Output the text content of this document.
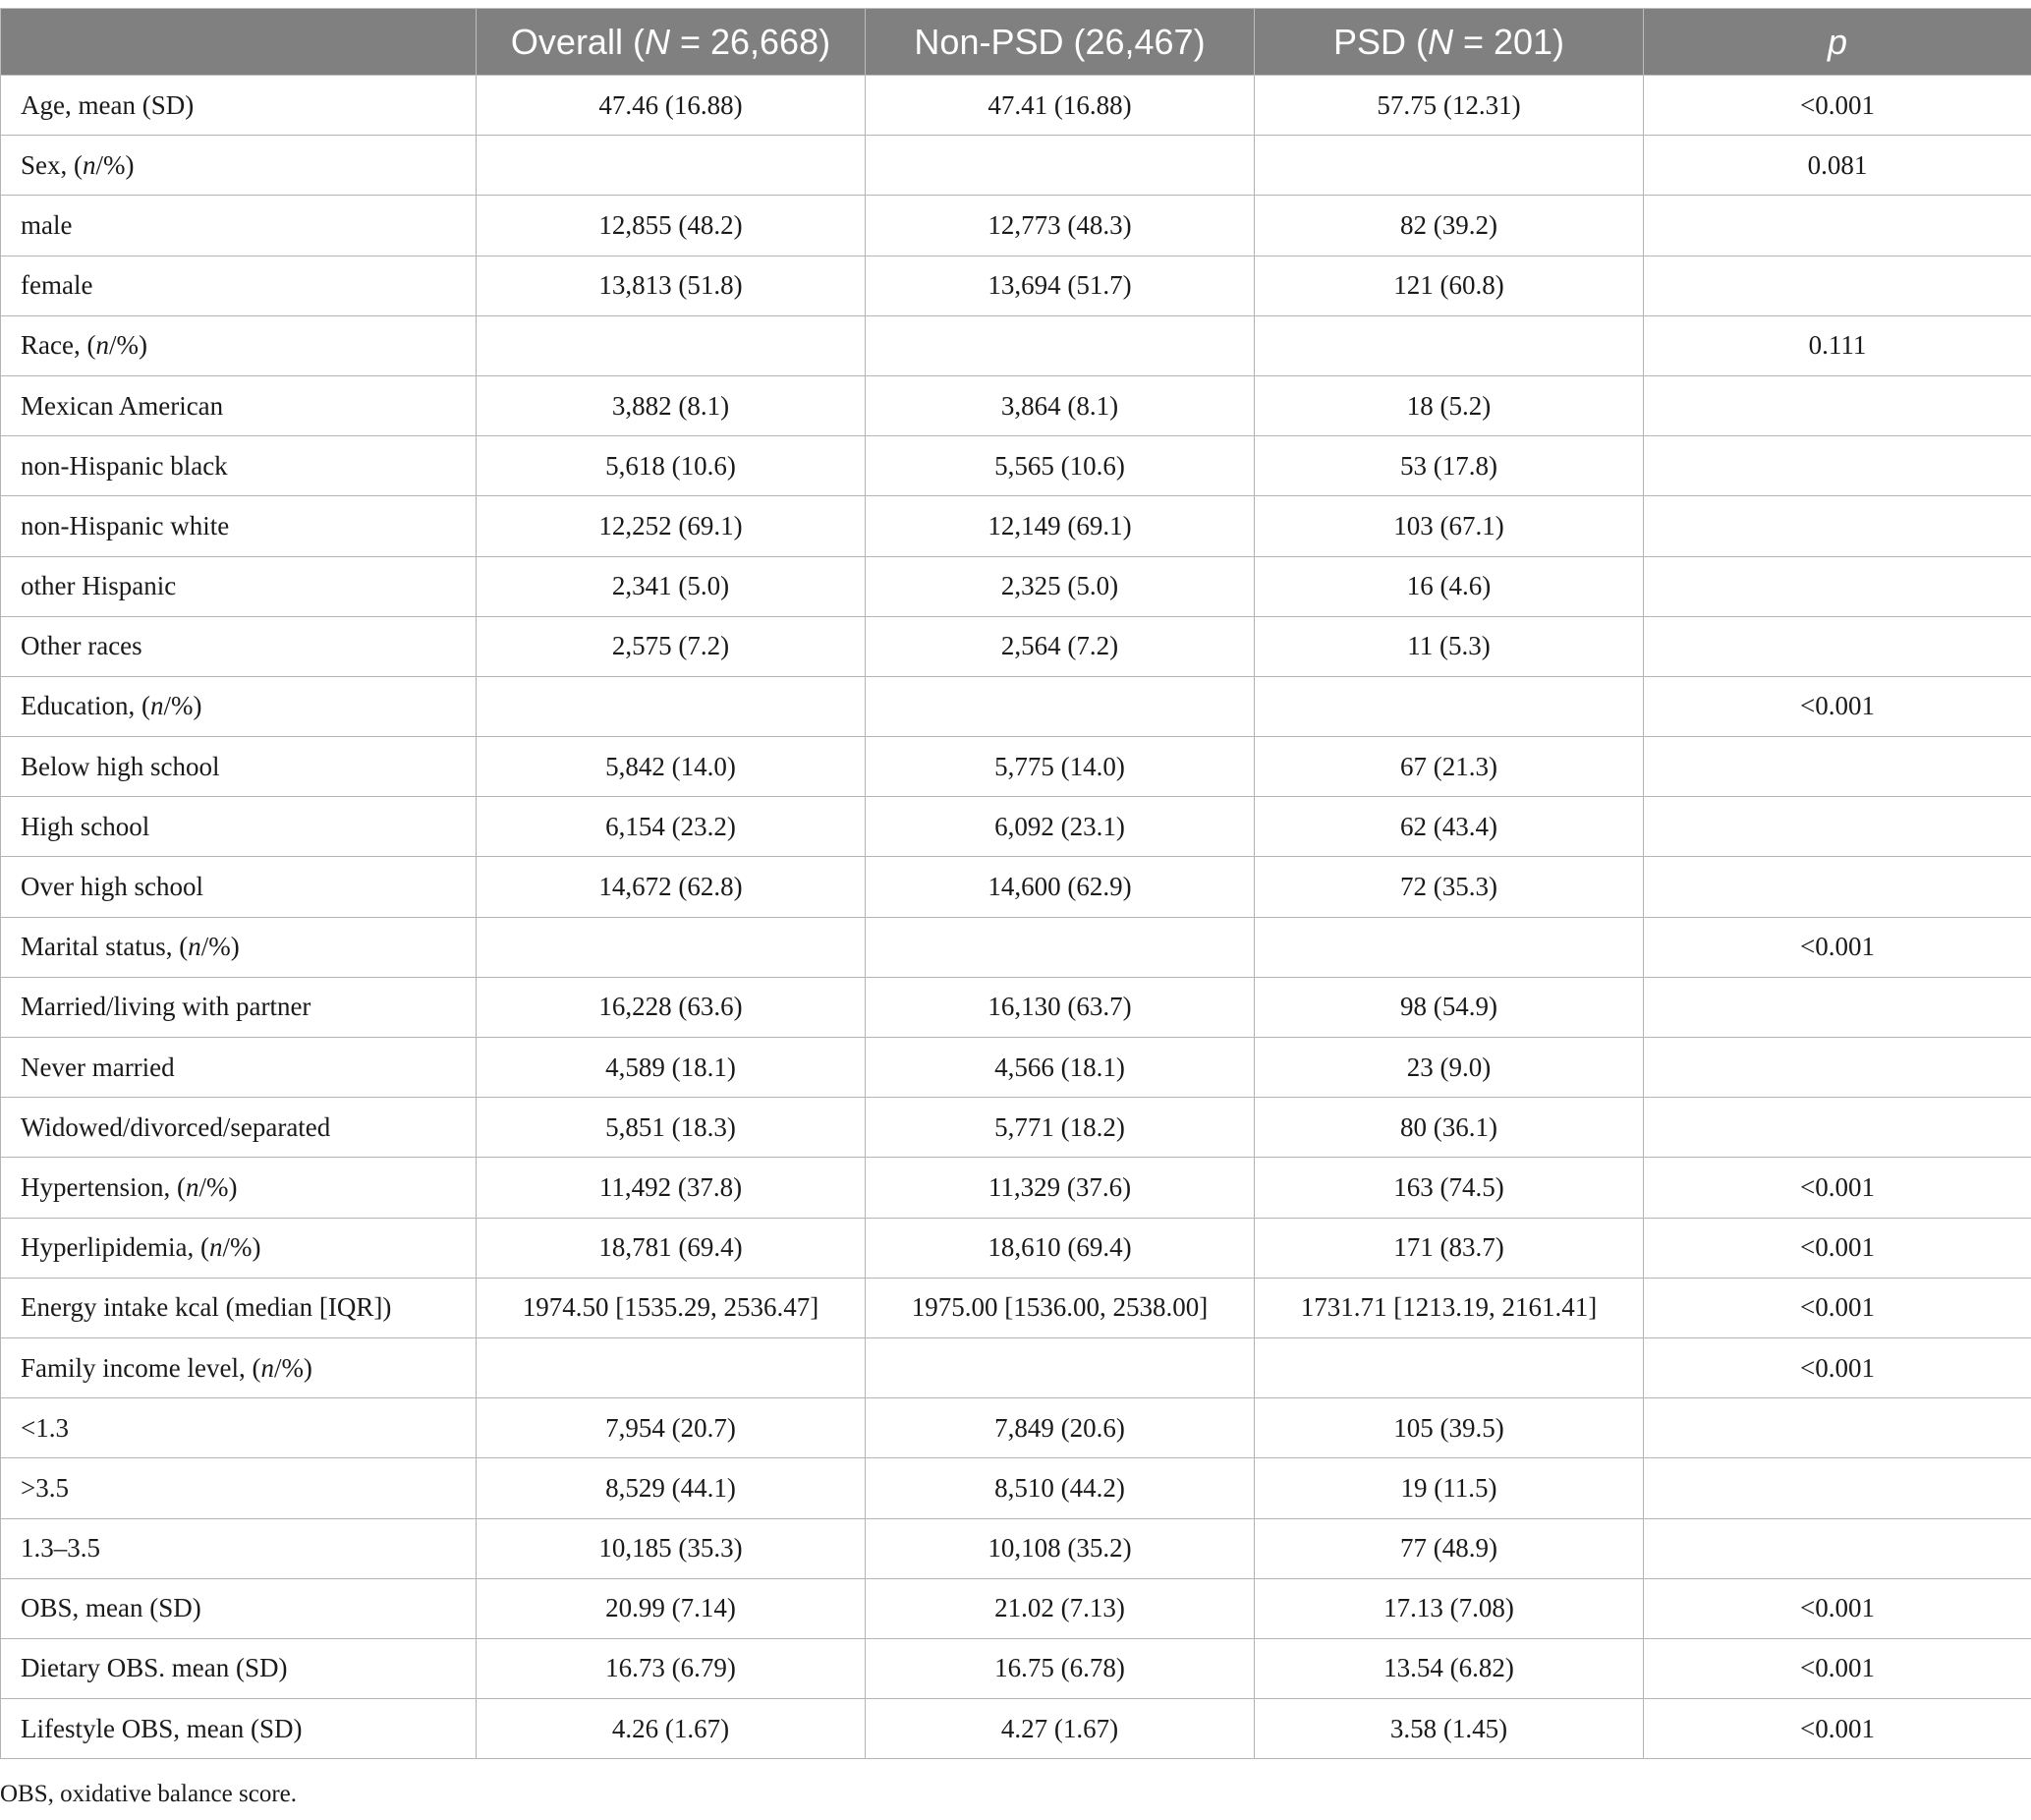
	Overall (N = 26,668)	Non-PSD (26,467)	PSD (N = 201)	p
Age, mean (SD)	47.46 (16.88)	47.41 (16.88)	57.75 (12.31)	<0.001
Sex, (n/%)				0.081
male	12,855 (48.2)	12,773 (48.3)	82 (39.2)	
female	13,813 (51.8)	13,694 (51.7)	121 (60.8)	
Race, (n/%)				0.111
Mexican American	3,882 (8.1)	3,864 (8.1)	18 (5.2)	
non-Hispanic black	5,618 (10.6)	5,565 (10.6)	53 (17.8)	
non-Hispanic white	12,252 (69.1)	12,149 (69.1)	103 (67.1)	
other Hispanic	2,341 (5.0)	2,325 (5.0)	16 (4.6)	
Other races	2,575 (7.2)	2,564 (7.2)	11 (5.3)	
Education, (n/%)				<0.001
Below high school	5,842 (14.0)	5,775 (14.0)	67 (21.3)	
High school	6,154 (23.2)	6,092 (23.1)	62 (43.4)	
Over high school	14,672 (62.8)	14,600 (62.9)	72 (35.3)	
Marital status, (n/%)				<0.001
Married/living with partner	16,228 (63.6)	16,130 (63.7)	98 (54.9)	
Never married	4,589 (18.1)	4,566 (18.1)	23 (9.0)	
Widowed/divorced/separated	5,851 (18.3)	5,771 (18.2)	80 (36.1)	
Hypertension, (n/%)	11,492 (37.8)	11,329 (37.6)	163 (74.5)	<0.001
Hyperlipidemia, (n/%)	18,781 (69.4)	18,610 (69.4)	171 (83.7)	<0.001
Energy intake kcal (median [IQR])	1974.50 [1535.29, 2536.47]	1975.00 [1536.00, 2538.00]	1731.71 [1213.19, 2161.41]	<0.001
Family income level, (n/%)				<0.001
<1.3	7,954 (20.7)	7,849 (20.6)	105 (39.5)	
>3.5	8,529 (44.1)	8,510 (44.2)	19 (11.5)	
1.3–3.5	10,185 (35.3)	10,108 (35.2)	77 (48.9)	
OBS, mean (SD)	20.99 (7.14)	21.02 (7.13)	17.13 (7.08)	<0.001
Dietary OBS. mean (SD)	16.73 (6.79)	16.75 (6.78)	13.54 (6.82)	<0.001
Lifestyle OBS, mean (SD)	4.26 (1.67)	4.27 (1.67)	3.58 (1.45)	<0.001
OBS, oxidative balance score.
